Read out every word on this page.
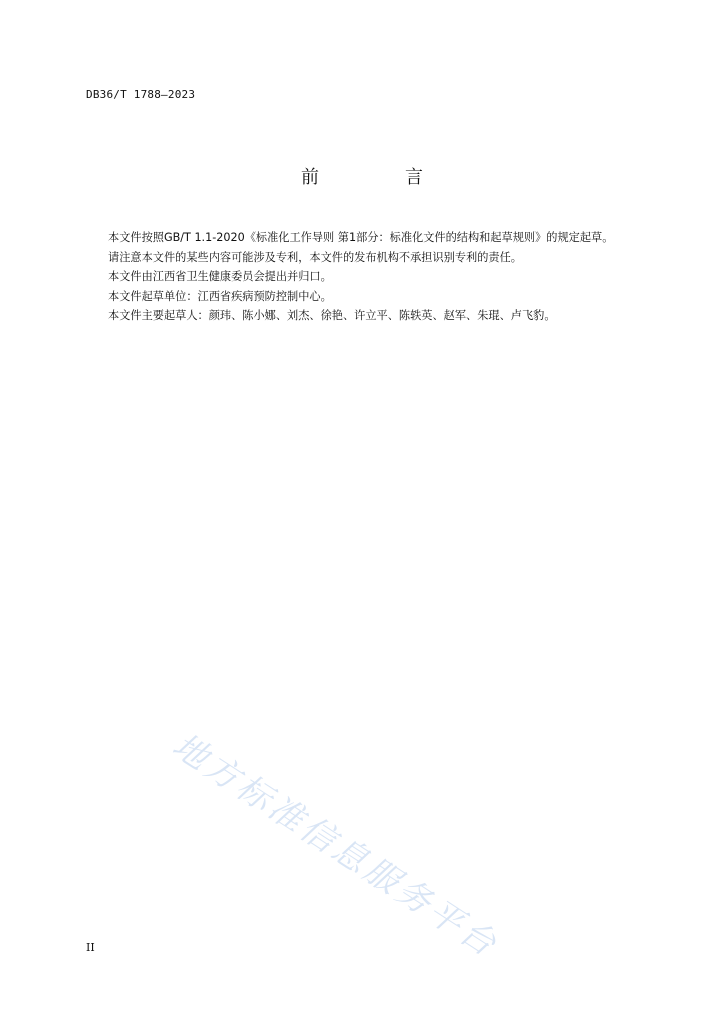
DB36/T 1788—2023
前　言

本文件按照GB/T 1.1-2020《标准化工作导则 第1部分：标准化文件的结构和起草规则》的规定起草。

请注意本文件的某些内容可能涉及专利，本文件的发布机构不承担识别专利的责任。

本文件由江西省卫生健康委员会提出并归口。

本文件起草单位：江西省疾病预防控制中心。

本文件主要起草人：颜玮、陈小娜、刘杰、徐艳、许立平、陈轶英、赵军、朱琨、卢飞豹。

地方标准信息服务平台
II
